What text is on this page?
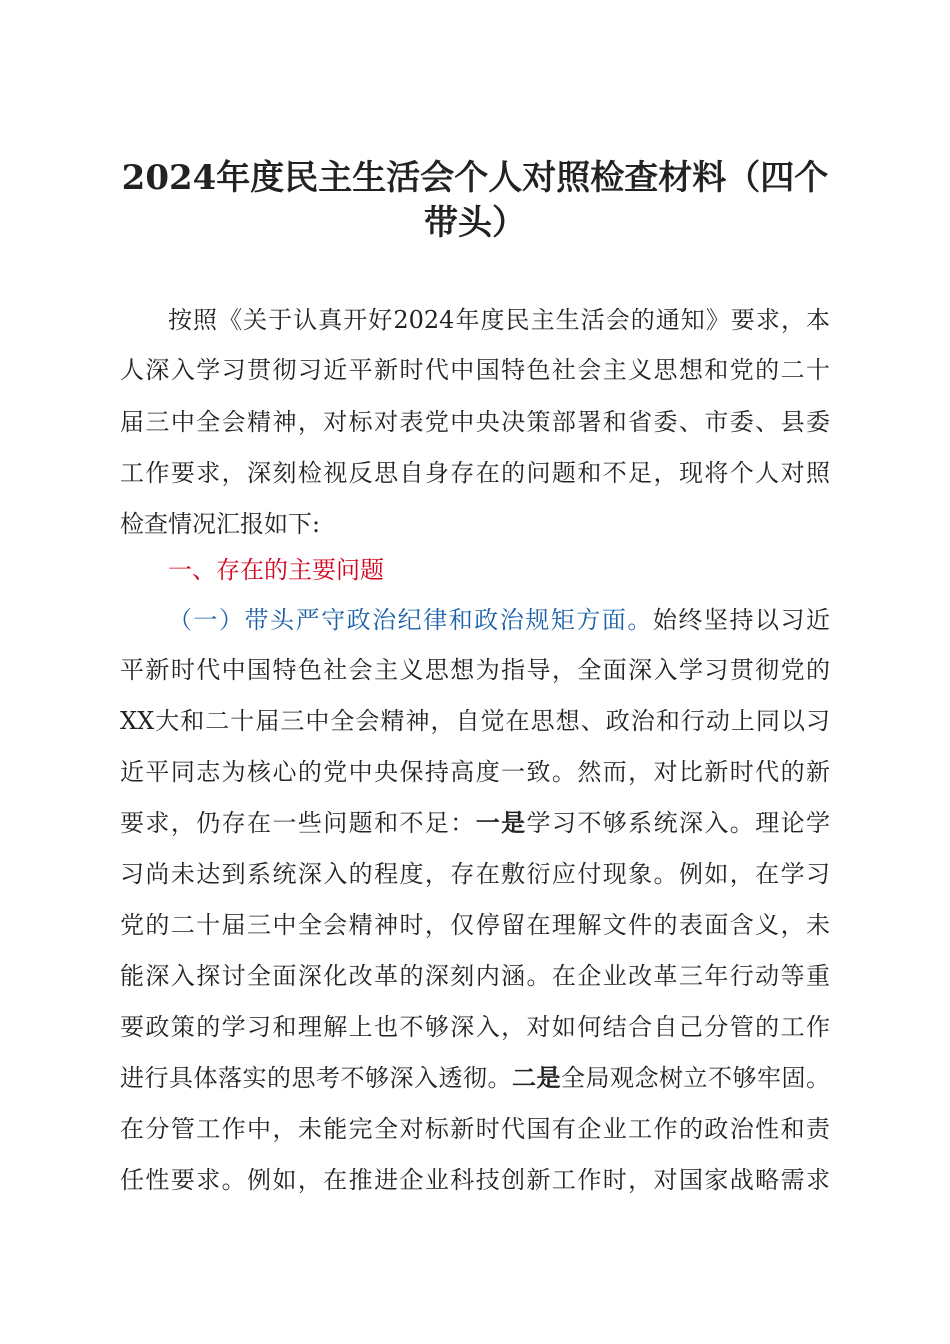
2024年度民主生活会个人对照检查材料（四个
带头）
按照《关于认真开好2024年度民主生活会的通知》要求，本
人深入学习贯彻习近平新时代中国特色社会主义思想和党的二十
届三中全会精神，对标对表党中央决策部署和省委、市委、县委
工作要求，深刻检视反思自身存在的问题和不足，现将个人对照
检查情况汇报如下:
一、存在的主要问题
（一）带头严守政治纪律和政治规矩方面。始终坚持以习近
平新时代中国特色社会主义思想为指导，全面深入学习贯彻党的
XX大和二十届三中全会精神，自觉在思想、政治和行动上同以习
近平同志为核心的党中央保持高度一致。然而，对比新时代的新
要求，仍存在一些问题和不足：一是学习不够系统深入。理论学
习尚未达到系统深入的程度，存在敷衍应付现象。例如，在学习
党的二十届三中全会精神时，仅停留在理解文件的表面含义，未
能深入探讨全面深化改革的深刻内涵。在企业改革三年行动等重
要政策的学习和理解上也不够深入，对如何结合自己分管的工作
进行具体落实的思考不够深入透彻。二是全局观念树立不够牢固。
在分管工作中，未能完全对标新时代国有企业工作的政治性和责
任性要求。例如，在推进企业科技创新工作时，对国家战略需求
